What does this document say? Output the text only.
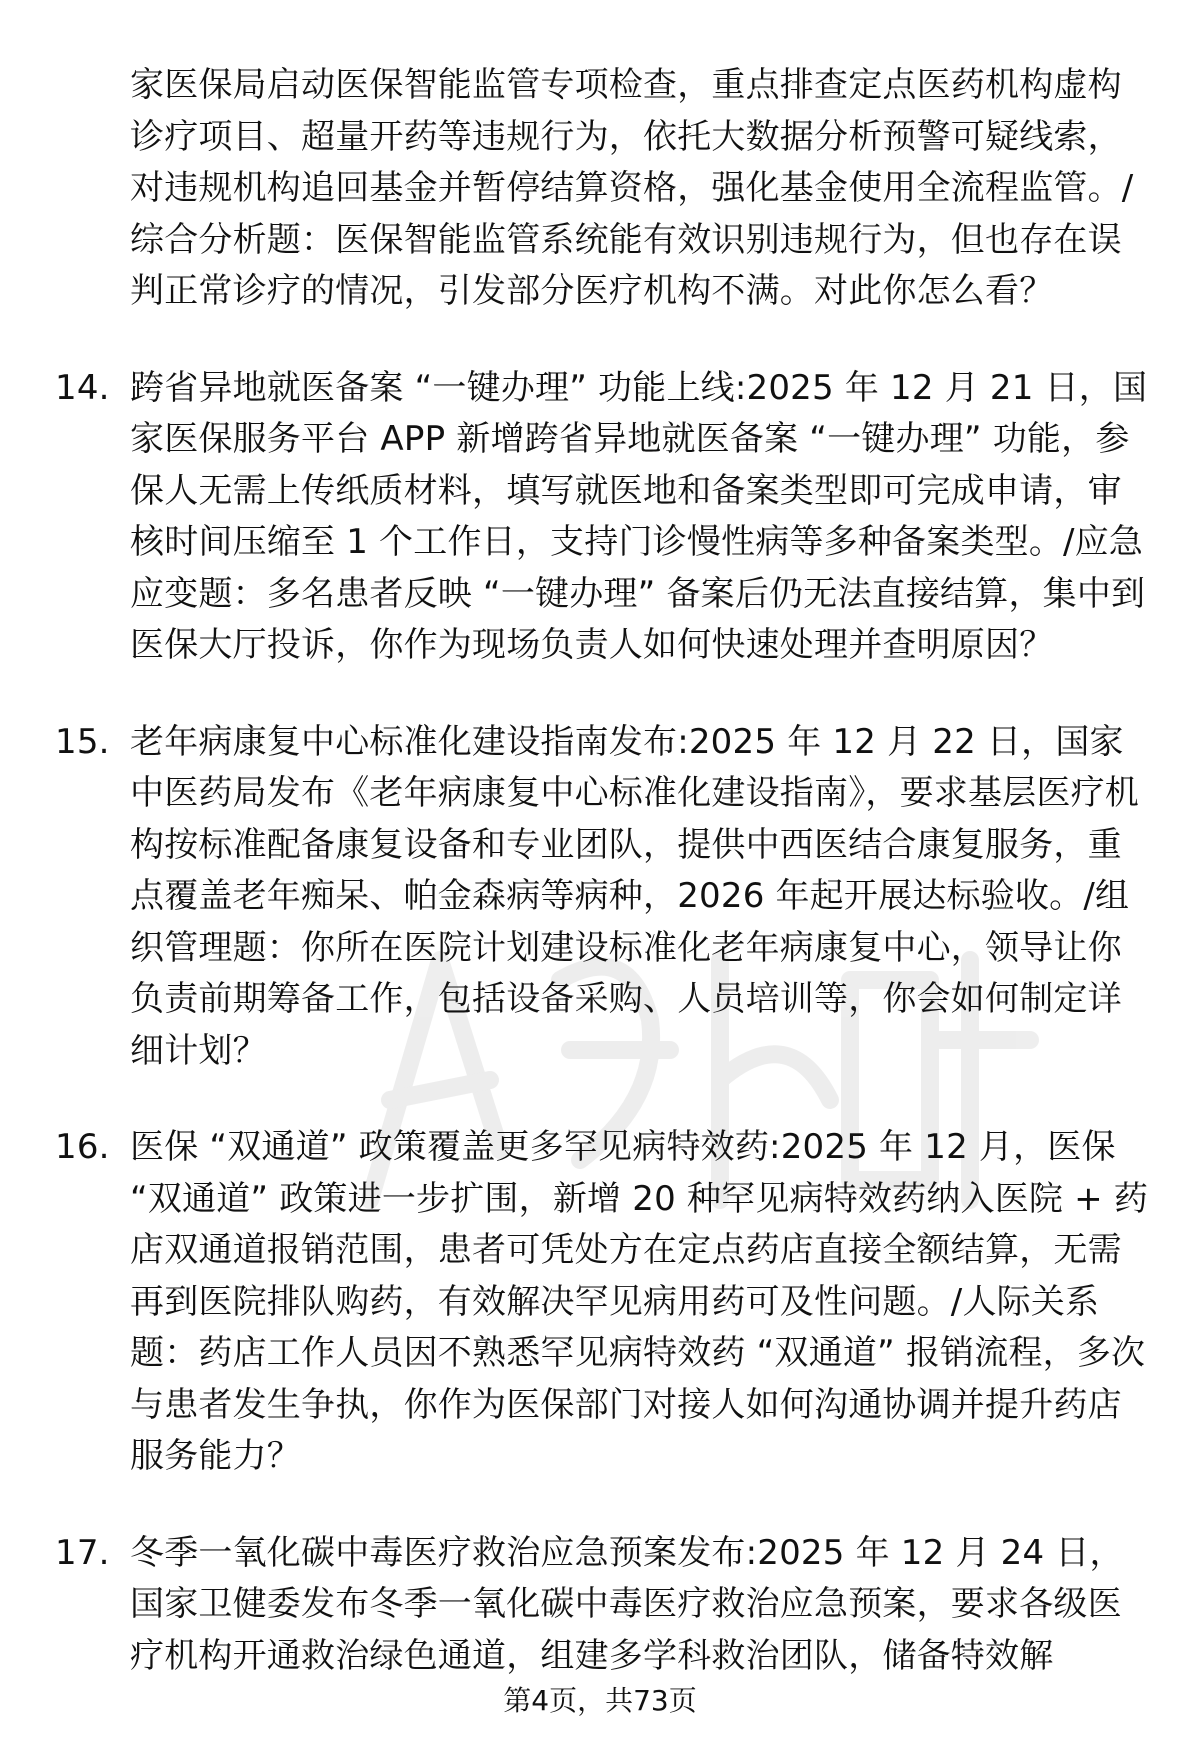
家医保局启动医保智能监管专项检查，重点排查定点医药机构虚构诊疗项目、超量开药等违规行为，依托大数据分析预警可疑线索，对违规机构追回基金并暂停结算资格，强化基金使用全流程监管。/综合分析题：医保智能监管系统能有效识别违规行为，但也存在误判正常诊疗的情况，引发部分医疗机构不满。对此你怎么看？

14. 跨省异地就医备案 “一键办理” 功能上线:2025 年 12 月 21 日，国家医保服务平台 APP 新增跨省异地就医备案 “一键办理” 功能，参保人无需上传纸质材料，填写就医地和备案类型即可完成申请，审核时间压缩至 1 个工作日，支持门诊慢性病等多种备案类型。/应急应变题：多名患者反映 “一键办理” 备案后仍无法直接结算，集中到医保大厅投诉，你作为现场负责人如何快速处理并查明原因？
15. 老年病康复中心标准化建设指南发布:2025 年 12 月 22 日，国家中医药局发布《老年病康复中心标准化建设指南》，要求基层医疗机构按标准配备康复设备和专业团队，提供中西医结合康复服务，重点覆盖老年痴呆、帕金森病等病种，2026 年起开展达标验收。/组织管理题：你所在医院计划建设标准化老年病康复中心，领导让你负责前期筹备工作，包括设备采购、人员培训等，你会如何制定详细计划？
16. 医保 “双通道” 政策覆盖更多罕见病特效药:2025 年 12 月，医保 “双通道” 政策进一步扩围，新增 20 种罕见病特效药纳入医院 + 药店双通道报销范围，患者可凭处方在定点药店直接全额结算，无需再到医院排队购药，有效解决罕见病用药可及性问题。/人际关系题：药店工作人员因不熟悉罕见病特效药 “双通道” 报销流程，多次与患者发生争执，你作为医保部门对接人如何沟通协调并提升药店服务能力？
17. 冬季一氧化碳中毒医疗救治应急预案发布:2025 年 12 月 24 日，国家卫健委发布冬季一氧化碳中毒医疗救治应急预案，要求各级医疗机构开通救治绿色通道，组建多学科救治团队，储备特效解
第4页，共73页
